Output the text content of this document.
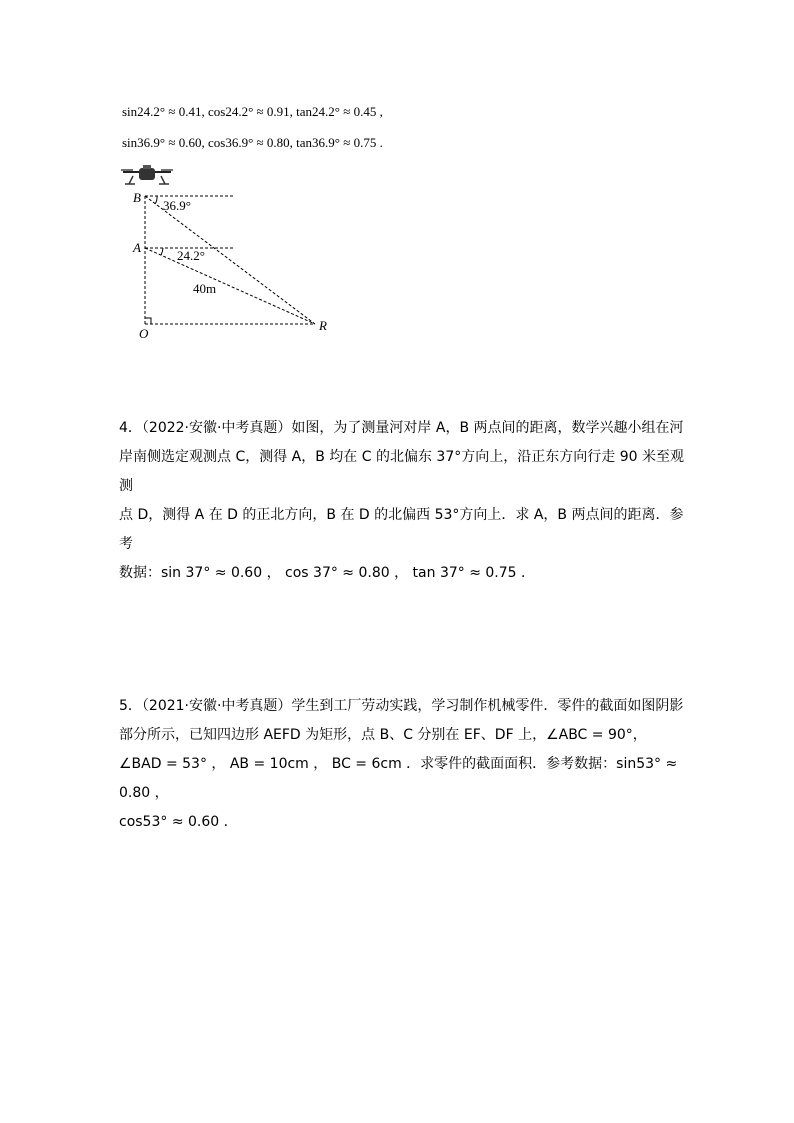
sin24.2° ≈ 0.41, cos24.2° ≈ 0.91, tan24.2° ≈ 0.45 ,
sin36.9° ≈ 0.60, cos36.9° ≈ 0.80, tan36.9° ≈ 0.75 .
B
A
O
R
36.9°
24.2°
40m

4．（2022·安徽·中考真题）如图，为了测量河对岸 A，B 两点间的距离，数学兴趣小组在河

岸南侧选定观测点 C，测得 A，B 均在 C 的北偏东 37°方向上，沿正东方向行走 90 米至观测

点 D，测得 A 在 D 的正北方向，B 在 D 的北偏西 53°方向上．求 A，B 两点间的距离．参考

数据：sin 37° ≈ 0.60 ， cos 37° ≈ 0.80 ， tan 37° ≈ 0.75 ．

5．（2021·安徽·中考真题）学生到工厂劳动实践，学习制作机械零件．零件的截面如图阴影

部分所示，已知四边形 AEFD 为矩形，点 B、C 分别在 EF、DF 上，∠ABC = 90°，

∠BAD = 53° ， AB = 10cm ， BC = 6cm ．求零件的截面面积．参考数据：sin53° ≈ 0.80 ，

cos53° ≈ 0.60 ．
